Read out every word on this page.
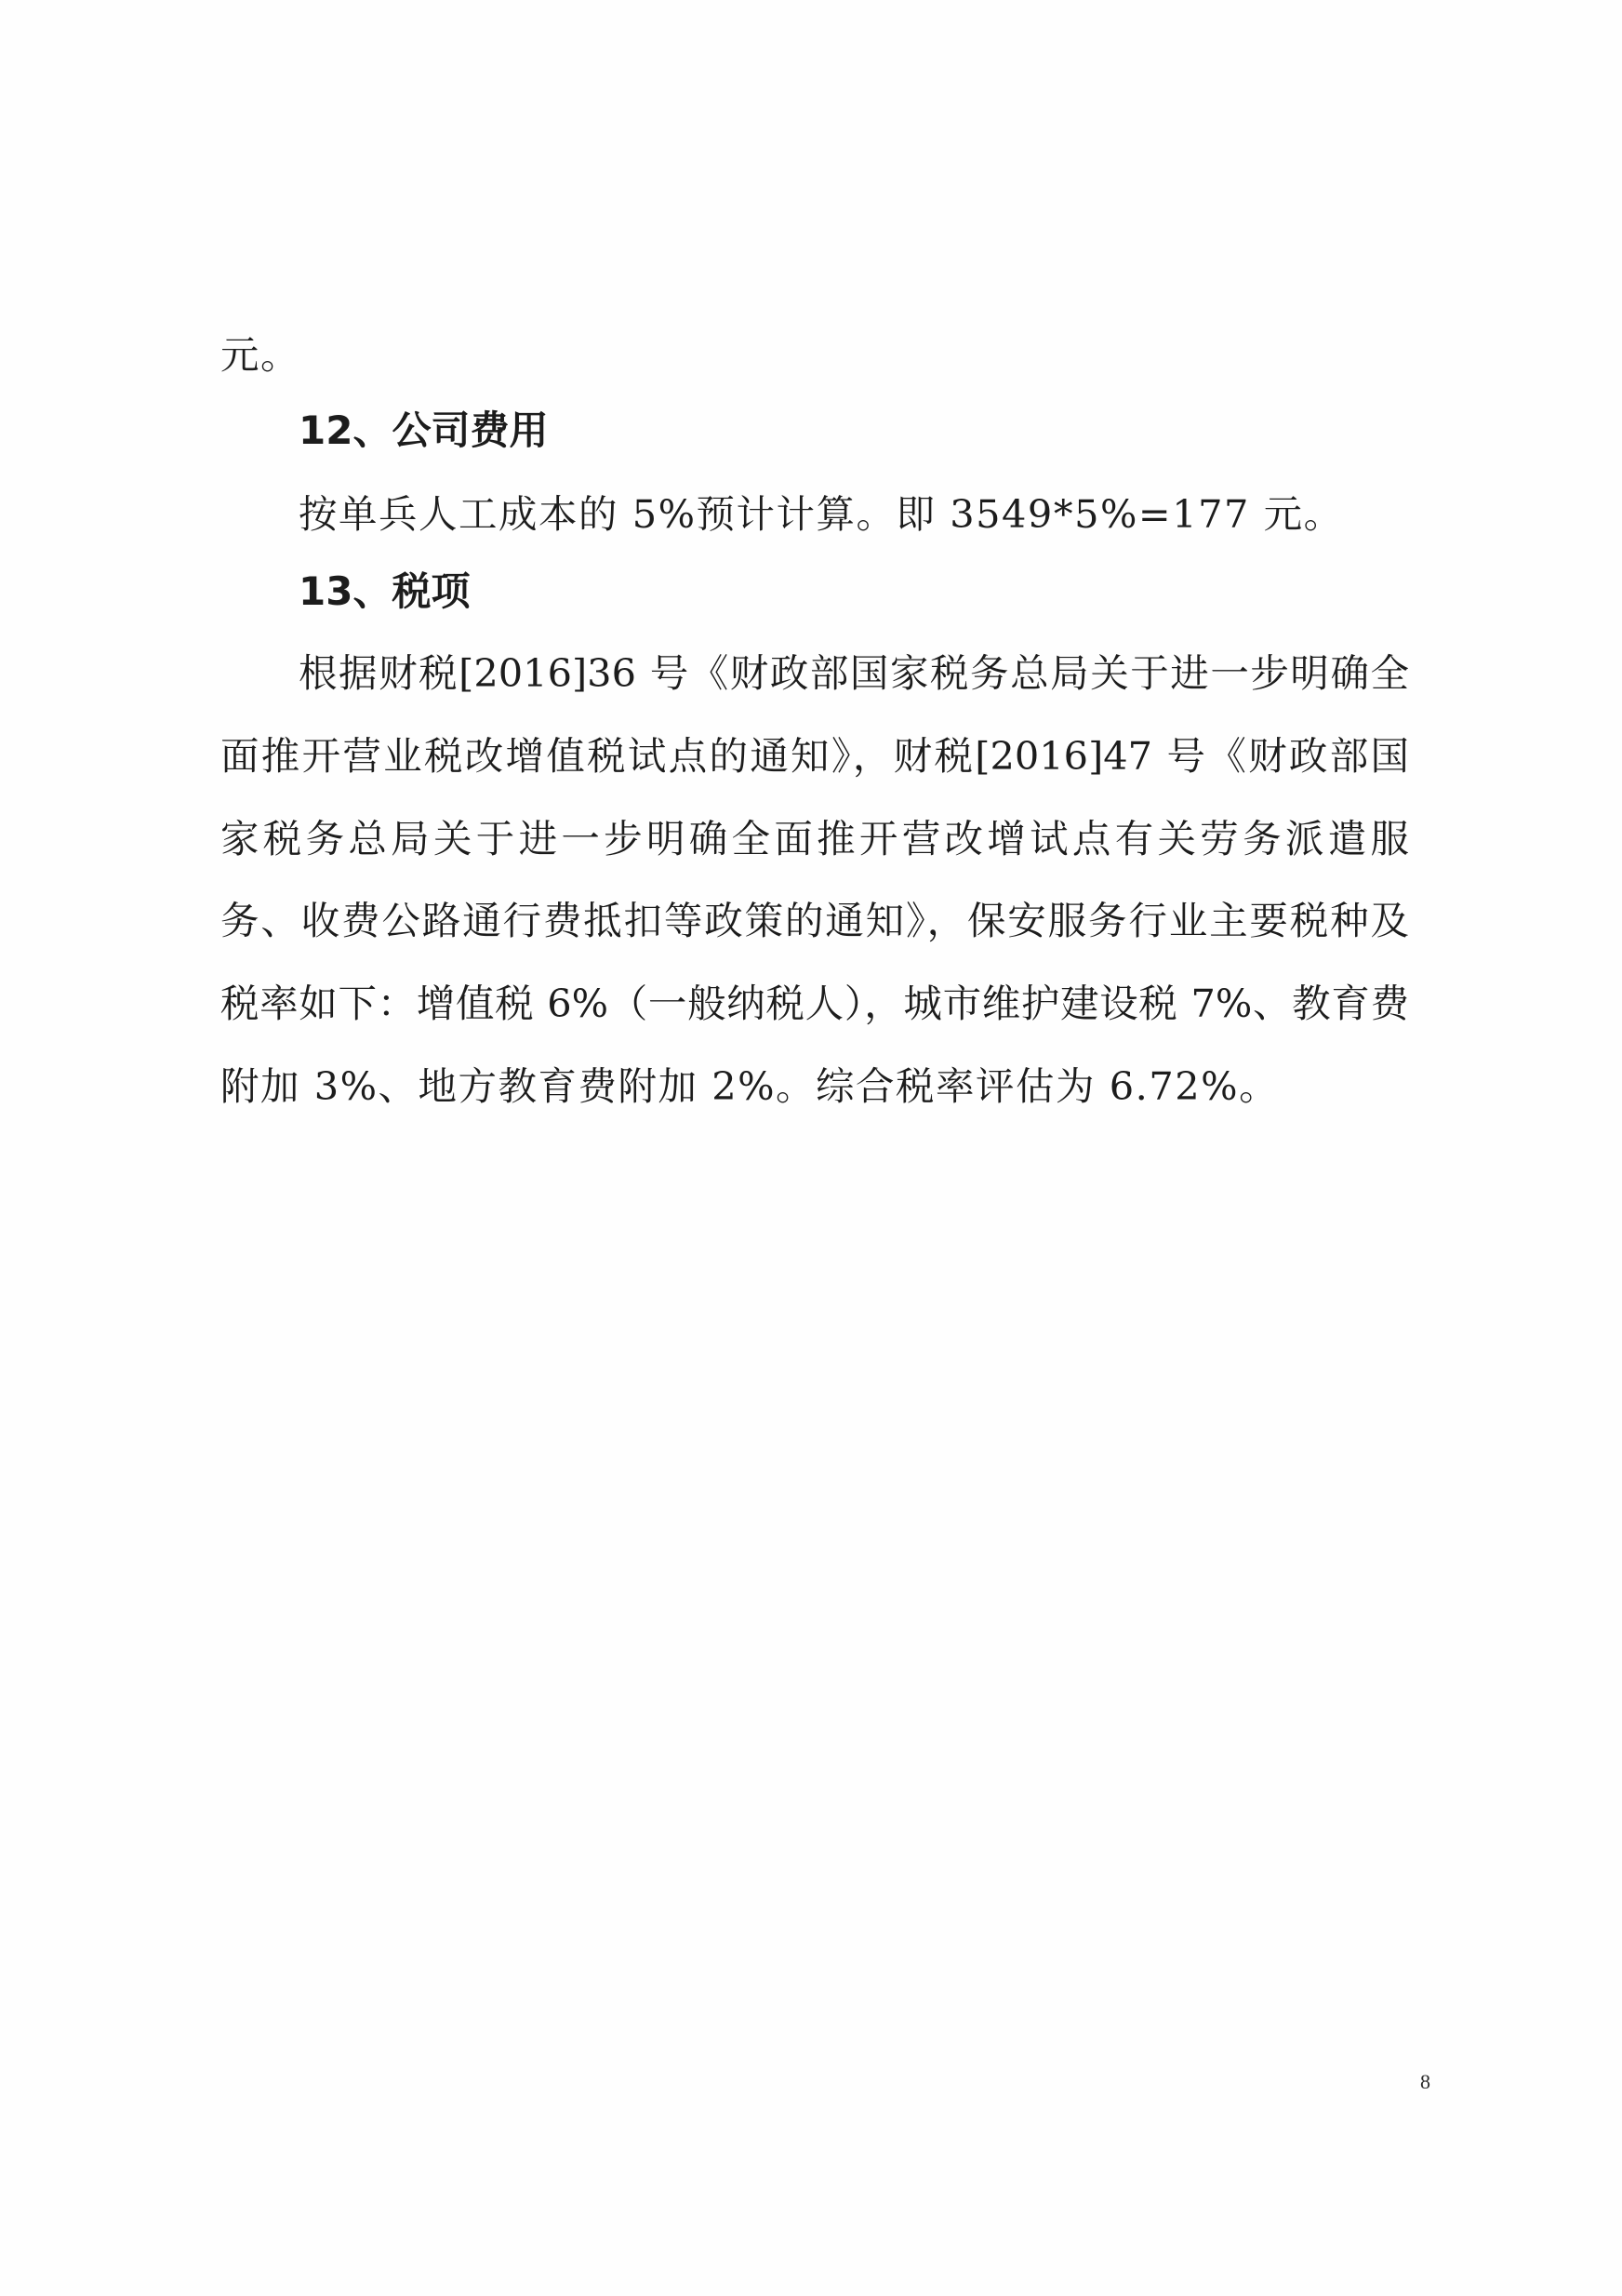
元。
12、公司费用
按单兵人工成本的 5%预计计算。即 3549*5%=177 元。
13、税项
根据财税[2016]36 号《财政部国家税务总局关于进一步明确全
面推开营业税改增值税试点的通知》，财税[2016]47 号《财政部国
家税务总局关于进一步明确全面推开营改增试点有关劳务派遣服
务、收费公路通行费抵扣等政策的通知》，保安服务行业主要税种及
税率如下：增值税 6%（一般纳税人），城市维护建设税 7%、教育费
附加 3%、地方教育费附加 2%。综合税率评估为 6.72%。
8
